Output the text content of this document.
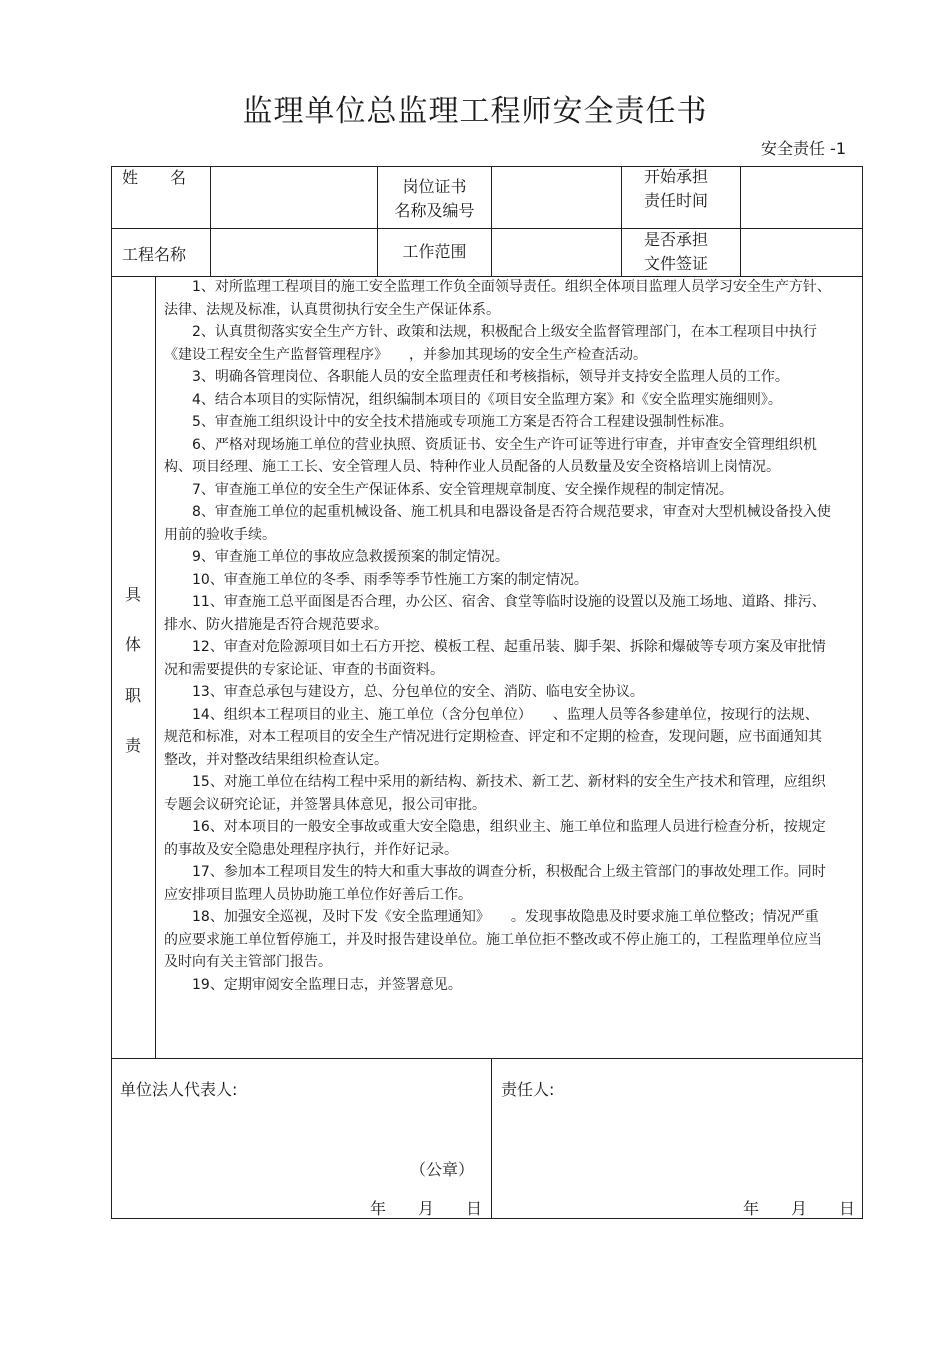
监理单位总监理工程师安全责任书
安全责任 -1
姓　　名	岗位证书
名称及编号
开始承担
责任时间
工程名称	工作范围
是否承担
文件签证
具
体
职
责

　　1、对所监理工程项目的施工安全监理工作负全面领导责任。组织全体项目监理人员学习安全生产方针、法律、法规及标准，认真贯彻执行安全生产保证体系。

　　2、认真贯彻落实安全生产方针、政策和法规，积极配合上级安全监督管理部门，在本工程项目中执行《建设工程安全生产监督管理程序》　　，并参加其现场的安全生产检查活动。

　　3、明确各管理岗位、各职能人员的安全监理责任和考核指标，领导并支持安全监理人员的工作。

　　4、结合本项目的实际情况，组织编制本项目的《项目安全监理方案》和《安全监理实施细则》。

　　5、审查施工组织设计中的安全技术措施或专项施工方案是否符合工程建设强制性标准。

　　6、严格对现场施工单位的营业执照、资质证书、安全生产许可证等进行审查，并审查安全管理组织机构、项目经理、施工工长、安全管理人员、特种作业人员配备的人员数量及安全资格培训上岗情况。

　　7、审查施工单位的安全生产保证体系、安全管理规章制度、安全操作规程的制定情况。

　　8、审查施工单位的起重机械设备、施工机具和电器设备是否符合规范要求，审查对大型机械设备投入使用前的验收手续。

　　9、审查施工单位的事故应急救援预案的制定情况。

　　10、审查施工单位的冬季、雨季等季节性施工方案的制定情况。

　　11、审查施工总平面图是否合理，办公区、宿舍、食堂等临时设施的设置以及施工场地、道路、排污、排水、防火措施是否符合规范要求。

　　12、审查对危险源项目如土石方开挖、模板工程、起重吊装、脚手架、拆除和爆破等专项方案及审批情况和需要提供的专家论证、审查的书面资料。

　　13、审查总承包与建设方，总、分包单位的安全、消防、临电安全协议。

　　14、组织本工程项目的业主、施工单位（含分包单位）　　、监理人员等各参建单位，按现行的法规、规范和标准，对本工程项目的安全生产情况进行定期检查、评定和不定期的检查，发现问题，应书面通知其整改，并对整改结果组织检查认定。

　　15、对施工单位在结构工程中采用的新结构、新技术、新工艺、新材料的安全生产技术和管理，应组织专题会议研究论证，并签署具体意见，报公司审批。

　　16、对本项目的一般安全事故或重大安全隐患，组织业主、施工单位和监理人员进行检查分析，按规定的事故及安全隐患处理程序执行，并作好记录。

　　17、参加本工程项目发生的特大和重大事故的调查分析，积极配合上级主管部门的事故处理工作。同时应安排项目监理人员协助施工单位作好善后工作。

　　18、加强安全巡视，及时下发《安全监理通知》　　。发现事故隐患及时要求施工单位整改；情况严重的应要求施工单位暂停施工，并及时报告建设单位。施工单位拒不整改或不停止施工的，工程监理单位应当及时向有关主管部门报告。

　　19、定期审阅安全监理日志，并签署意见。

单位法人代表人:
（公章）
年　　月　　日
责任人:
年　　月　　日
